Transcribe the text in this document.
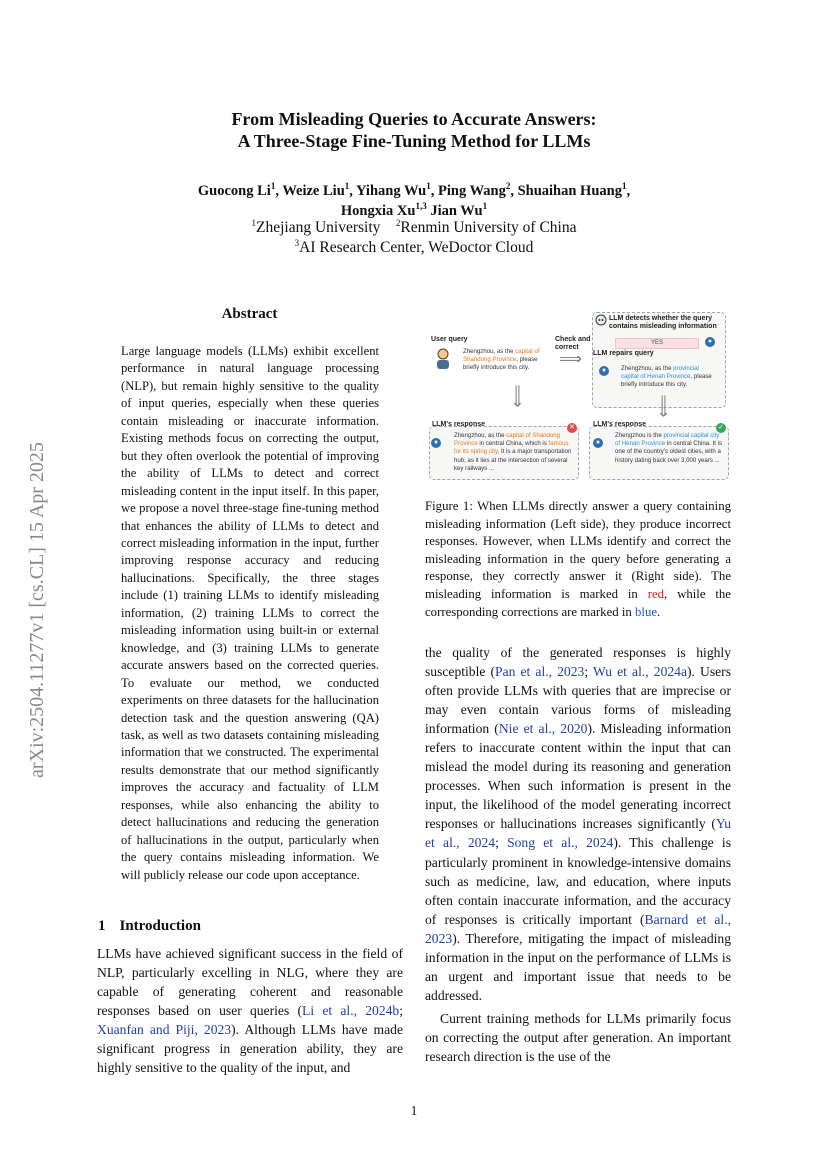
From Misleading Queries to Accurate Answers:
A Three-Stage Fine-Tuning Method for LLMs
Guocong Li$^1$, Weize Liu$^1$, Yihang Wu$^1$, Ping Wang$^2$, Shuaihan Huang$^1$,
Hongxia Xu$^{1,3}$ Jian Wu$^1$
$^1$Zhejiang University $^2$Renmin University of China
$^3$AI Research Center, WeDoctor Cloud
arXiv:2504.11277v1 [cs.CL] 15 Apr 2025
Abstract
Large language models (LLMs) exhibit excellent performance in natural language processing (NLP), but remain highly sensitive to the quality of input queries, especially when these queries contain misleading or inaccurate information. Existing methods focus on correcting the output, but they often overlook the potential of improving the ability of LLMs to detect and correct misleading content in the input itself. In this paper, we propose a novel three-stage fine-tuning method that enhances the ability of LLMs to detect and correct misleading information in the input, further improving response accuracy and reducing hallucinations. Specifically, the three stages include (1) training LLMs to identify misleading information, (2) training LLMs to correct the misleading information using built-in or external knowledge, and (3) training LLMs to generate accurate answers based on the corrected queries. To evaluate our method, we conducted experiments on three datasets for the hallucination detection task and the question answering (QA) task, as well as two datasets containing misleading information that we constructed. The experimental results demonstrate that our method significantly improves the accuracy and factuality of LLM responses, while also enhancing the ability to detect hallucinations and reducing the generation of hallucinations in the output, particularly when the query contains misleading information. We will publicly release our code upon acceptance.
1 Introduction
LLMs have achieved significant success in the field of NLP, particularly excelling in NLG, where they are capable of generating coherent and reasonable responses based on user queries (Li et al., 2024b; Xuanfan and Piji, 2023). Although LLMs have made significant progress in generation ability, they are highly sensitive to the quality of the input, and
User query
Zhengzhou, as the capital of Shandong Province, please briefly introduce this city.
Check and correct
⟹
LLM detects whether the query contains misleading information
YES
LLM repairs query
Zhengzhou, as the provincial capital of Henan Province, please briefly introduce this city.
●
●
⟹	⟹
LLM's response	✕
●
Zhengzhou, as the capital of Shandong Province in central China, which is famous for its spring city. It is a major transportation hub, as it lies at the intersection of several key railways ...
LLM's response	✓
●
Zhengzhou is the provincial capital city of Henan Province in central China. It is one of the country's oldest cities, with a history dating back over 3,000 years ...
Figure 1: When LLMs directly answer a query containing misleading information (Left side), they produce incorrect responses. However, when LLMs identify and correct the misleading information in the query before generating a response, they correctly answer it (Right side). The misleading information is marked in red, while the corresponding corrections are marked in blue.

the quality of the generated responses is highly susceptible (Pan et al., 2023; Wu et al., 2024a). Users often provide LLMs with queries that are imprecise or may even contain various forms of misleading information (Nie et al., 2020). Misleading information refers to inaccurate content within the input that can mislead the model during its reasoning and generation processes. When such information is present in the input, the likelihood of the model generating incorrect responses or hallucinations increases significantly (Yu et al., 2024; Song et al., 2024). This challenge is particularly prominent in knowledge-intensive domains such as medicine, law, and education, where inputs often contain inaccurate information, and the accuracy of responses is critically important (Barnard et al., 2023). Therefore, mitigating the impact of misleading information in the input on the performance of LLMs is an urgent and important issue that needs to be addressed.

Current training methods for LLMs primarily focus on correcting the output after generation. An important research direction is the use of the

1
